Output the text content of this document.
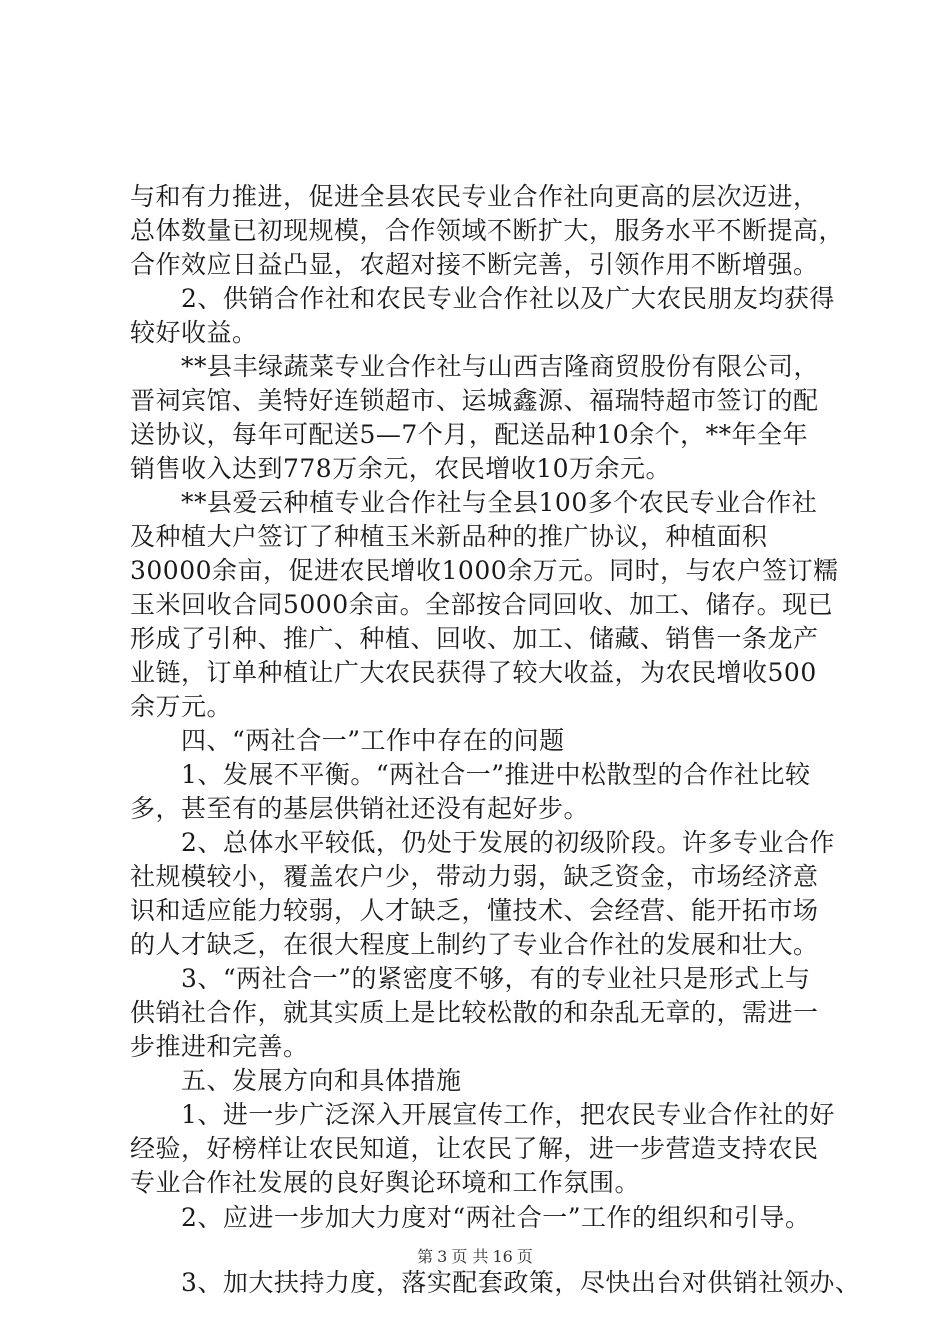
与和有力推进，促进全县农民专业合作社向更高的层次迈进，
总体数量已初现规模，合作领域不断扩大，服务水平不断提高，
合作效应日益凸显，农超对接不断完善，引领作用不断增强。
　　2、供销合作社和农民专业合作社以及广大农民朋友均获得
较好收益。
　　**县丰绿蔬菜专业合作社与山西吉隆商贸股份有限公司，
晋祠宾馆、美特好连锁超市、运城鑫源、福瑞特超市签订的配
送协议，每年可配送5—7个月，配送品种10余个，**年全年
销售收入达到778万余元，农民增收10万余元。
　　**县爱云种植专业合作社与全县100多个农民专业合作社
及种植大户签订了种植玉米新品种的推广协议，种植面积
30000余亩，促进农民增收1000余万元。同时，与农户签订糯
玉米回收合同5000余亩。全部按合同回收、加工、储存。现已
形成了引种、推广、种植、回收、加工、储藏、销售一条龙产
业链，订单种植让广大农民获得了较大收益，为农民增收500
余万元。
　　四、“两社合一”工作中存在的问题
　　1、发展不平衡。“两社合一”推进中松散型的合作社比较
多，甚至有的基层供销社还没有起好步。
　　2、总体水平较低，仍处于发展的初级阶段。许多专业合作
社规模较小，覆盖农户少，带动力弱，缺乏资金，市场经济意
识和适应能力较弱，人才缺乏，懂技术、会经营、能开拓市场
的人才缺乏，在很大程度上制约了专业合作社的发展和壮大。
　　3、“两社合一”的紧密度不够，有的专业社只是形式上与
供销社合作，就其实质上是比较松散的和杂乱无章的，需进一
步推进和完善。
　　五、发展方向和具体措施
　　1、进一步广泛深入开展宣传工作，把农民专业合作社的好
经验，好榜样让农民知道，让农民了解，进一步营造支持农民
专业合作社发展的良好舆论环境和工作氛围。
　　2、应进一步加大力度对“两社合一”工作的组织和引导。
　　3、加大扶持力度，落实配套政策，尽快出台对供销社领办、
第 3 页 共 16 页
